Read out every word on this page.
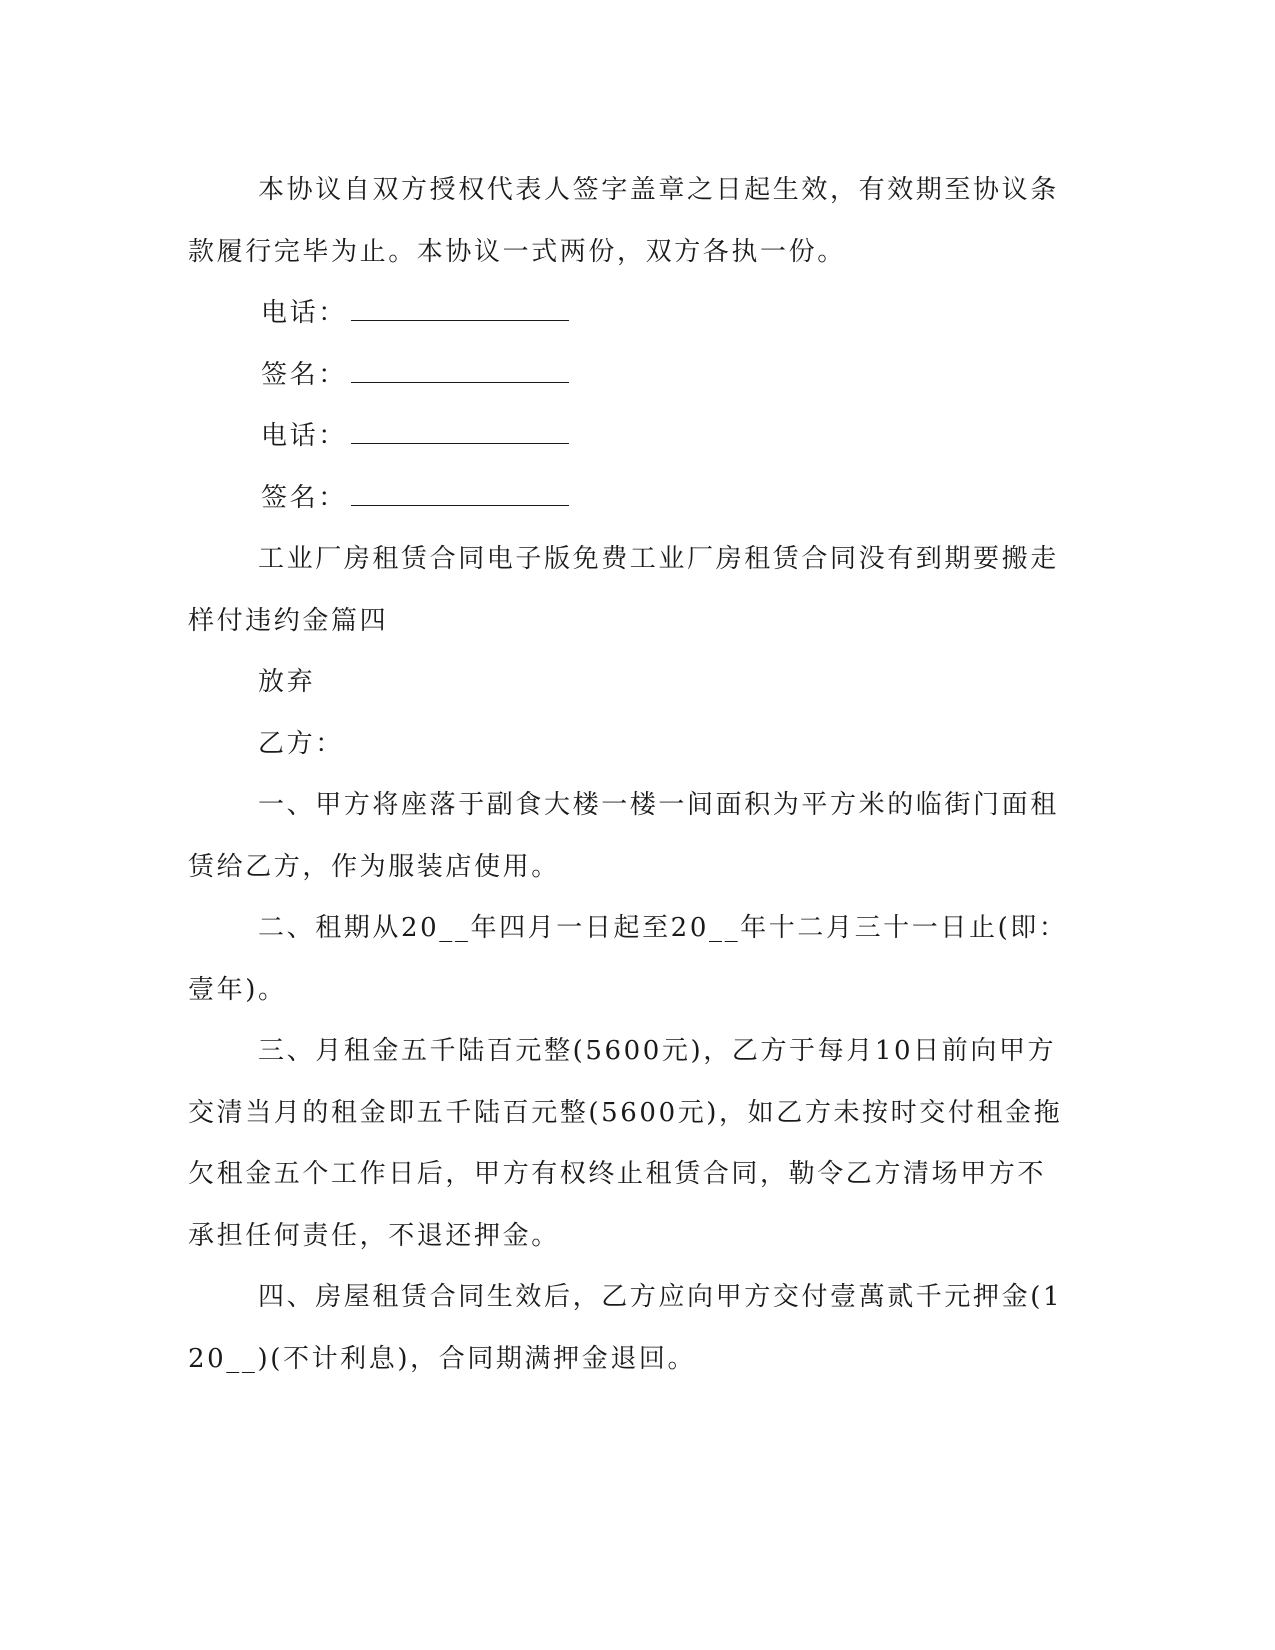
本协议自双方授权代表人签字盖章之日起生效，有效期至协议条款履行完毕为止。本协议一式两份，双方各执一份。

电话：

签名：

电话：

签名：

工业厂房租赁合同电子版免费工业厂房租赁合同没有到期要搬走样付违约金篇四

放弃

乙方：

一、甲方将座落于副食大楼一楼一间面积为平方米的临街门面租赁给乙方，作为服装店使用。

二、租期从20__年四月一日起至20__年十二月三十一日止(即：壹年)。

三、月租金五千陆百元整(5600元)，乙方于每月10日前向甲方交清当月的租金即五千陆百元整(5600元)，如乙方未按时交付租金拖欠租金五个工作日后，甲方有权终止租赁合同，勒令乙方清场甲方不承担任何责任，不退还押金。

四、房屋租赁合同生效后，乙方应向甲方交付壹萬贰千元押金(120__)(不计利息)，合同期满押金退回。
